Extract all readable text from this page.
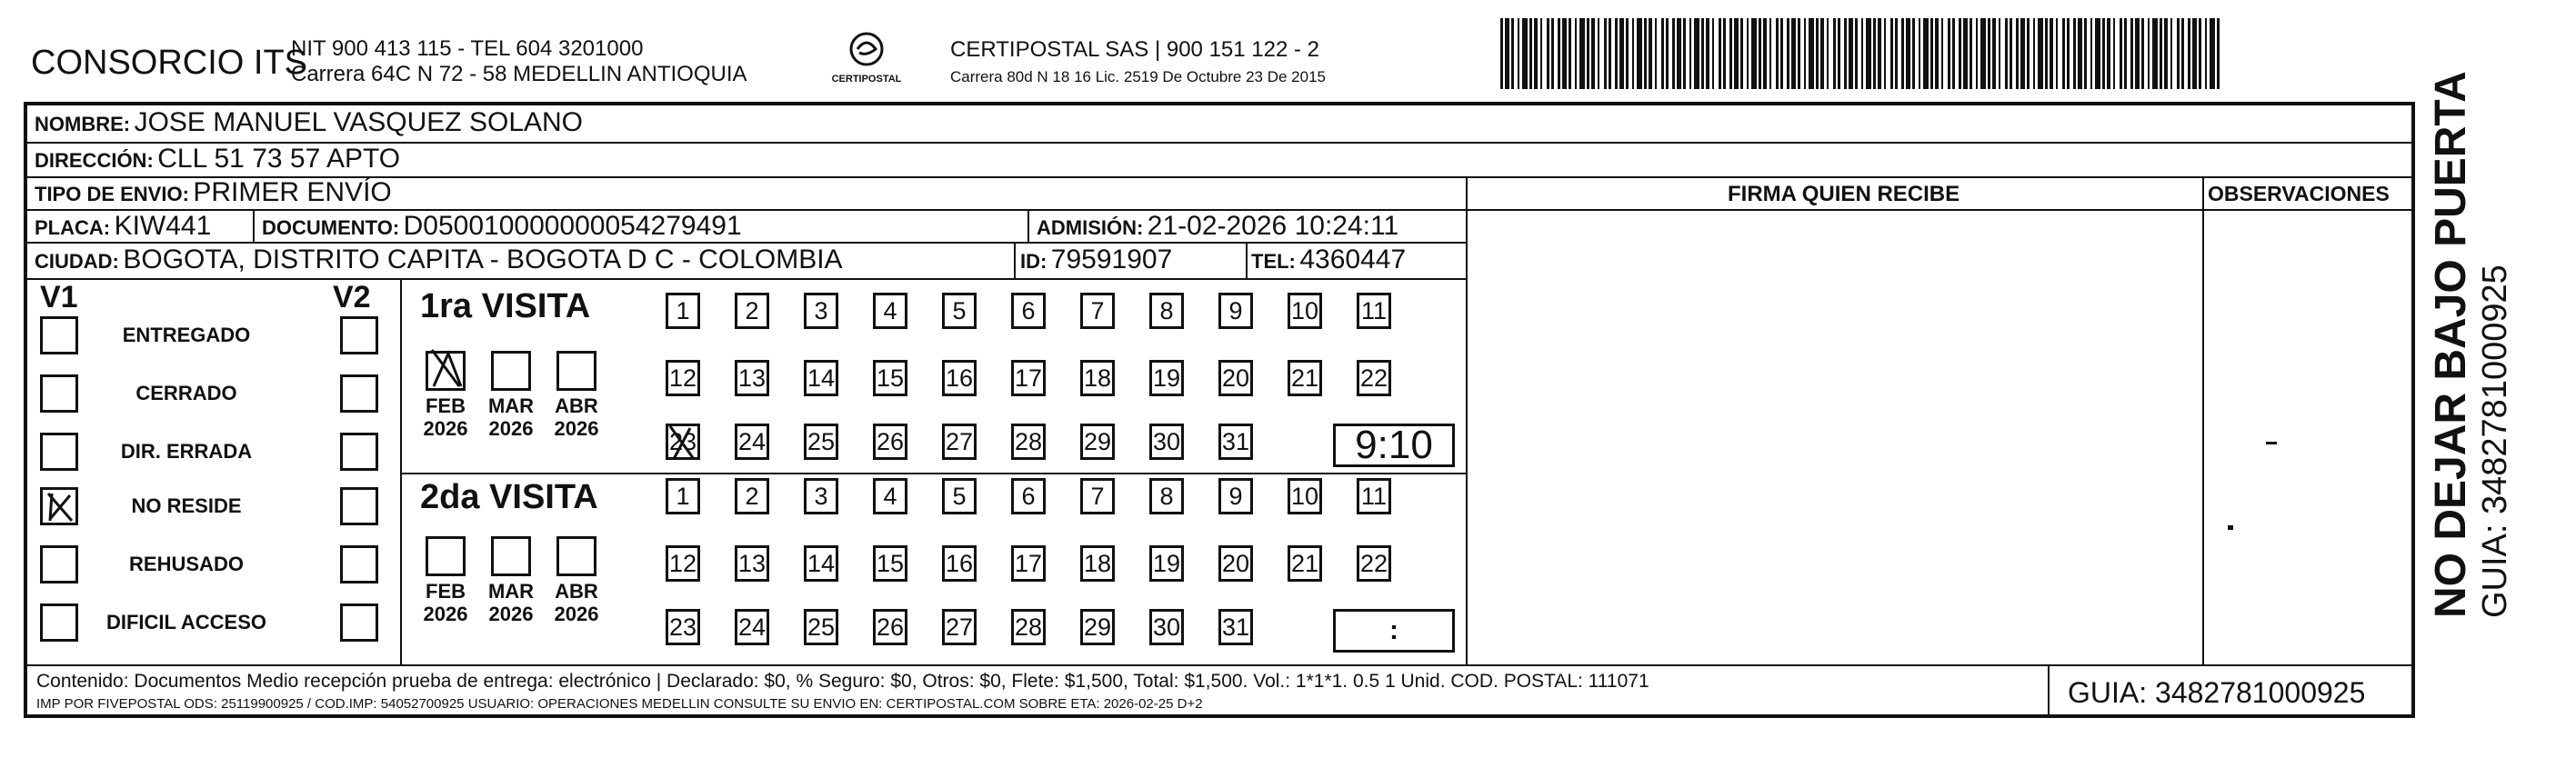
CONSORCIO ITS
NIT 900 413 115 - TEL 604 3201000
Carrera 64C N 72 - 58 MEDELLIN ANTIOQUIA	CERTIPOSTAL
CERTIPOSTAL SAS | 900 151 122 - 2
Carrera 80d N 18 16 Lic. 2519 De Octubre 23 De 2015
NOMBRE: JOSE MANUEL VASQUEZ SOLANO
DIRECCIÓN: CLL 51 73 57 APTO
TIPO DE ENVIO: PRIMER ENVÍO	FIRMA QUIEN RECIBE	OBSERVACIONES
PLACA: KIW441	DOCUMENTO: D050010000000054279491	ADMISIÓN: 21-02-2026 10:24:11
CIUDAD: BOGOTA, DISTRITO CAPITA - BOGOTA D C - COLOMBIA	ID: 79591907	TEL: 4360447
V1	V2
ENTREGADO
CERRADO
DIR. ERRADA
NO RESIDE
REHUSADO
DIFICIL ACCESO
1ra VISITA
2da VISITA
FEB
2026
MAR
2026
ABR
2026
1	2	3	4	5	6	7	8	9	10 11
12 13 14 15 16 17 18 19 20 21 22
23 24 25 26 27 28 29 30 31	9:10
FEB
2026
MAR
2026
ABR
2026
1	2	3	4	5	6	7	8	9	10 11
12 13 14 15 16 17 18 19 20 21 22
23 24 25 26 27 28 29 30 31	:
Contenido: Documentos Medio recepción prueba de entrega: electrónico | Declarado: $0, % Seguro: $0, Otros: $0, Flete: $1,500, Total: $1,500. Vol.: 1*1*1. 0.5 1 Unid. COD. POSTAL: 111071
IMP POR FIVEPOSTAL ODS: 25119900925 / COD.IMP: 54052700925 USUARIO: OPERACIONES MEDELLIN CONSULTE SU ENVIO EN: CERTIPOSTAL.COM SOBRE ETA: 2026-02-25 D+2	GUIA: 3482781000925
NO DEJAR BAJO PUERTA GUIA: 3482781000925
